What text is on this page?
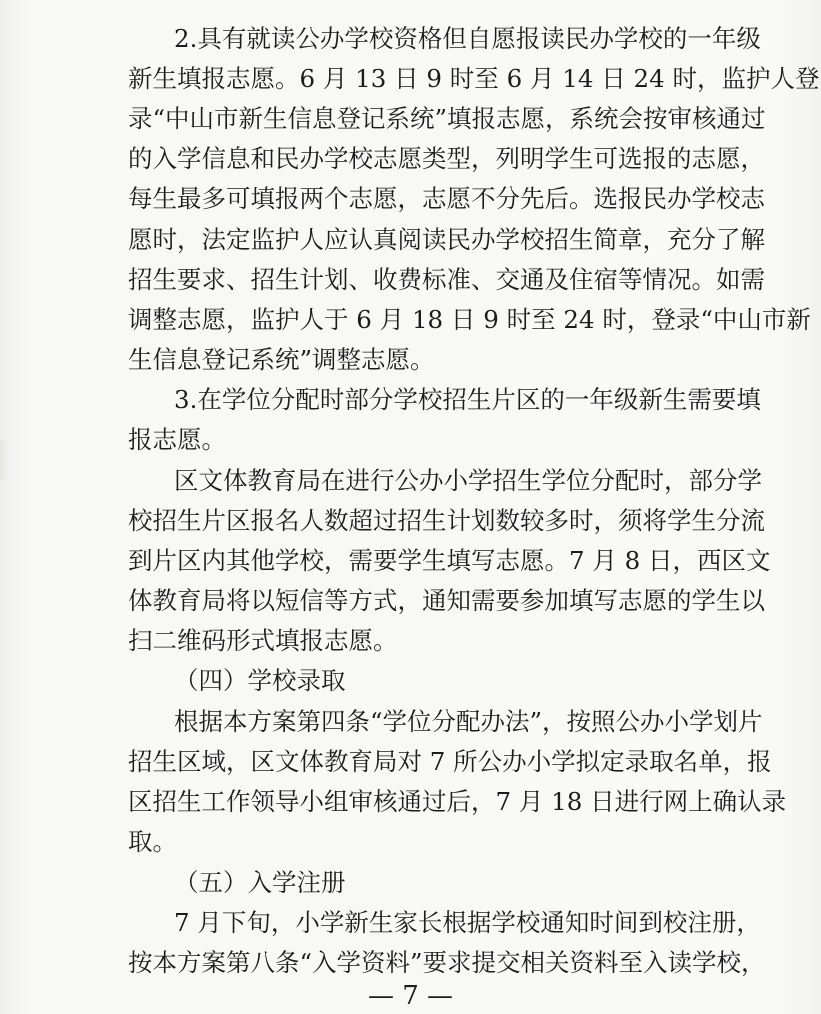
2.具有就读公办学校资格但自愿报读民办学校的一年级
新生填报志愿。6 月 13 日 9 时至 6 月 14 日 24 时，监护人登
录“中山市新生信息登记系统”填报志愿，系统会按审核通过
的入学信息和民办学校志愿类型，列明学生可选报的志愿，
每生最多可填报两个志愿，志愿不分先后。选报民办学校志
愿时，法定监护人应认真阅读民办学校招生简章，充分了解
招生要求、招生计划、收费标准、交通及住宿等情况。如需
调整志愿，监护人于 6 月 18 日 9 时至 24 时，登录“中山市新
生信息登记系统”调整志愿。
3.在学位分配时部分学校招生片区的一年级新生需要填
报志愿。
区文体教育局在进行公办小学招生学位分配时，部分学
校招生片区报名人数超过招生计划数较多时，须将学生分流
到片区内其他学校，需要学生填写志愿。7 月 8 日，西区文
体教育局将以短信等方式，通知需要参加填写志愿的学生以
扫二维码形式填报志愿。
（四）学校录取
根据本方案第四条“学位分配办法”，按照公办小学划片
招生区域，区文体教育局对 7 所公办小学拟定录取名单，报
区招生工作领导小组审核通过后，7 月 18 日进行网上确认录
取。
（五）入学注册
7 月下旬，小学新生家长根据学校通知时间到校注册，
按本方案第八条“入学资料”要求提交相关资料至入读学校，
— 7 —
